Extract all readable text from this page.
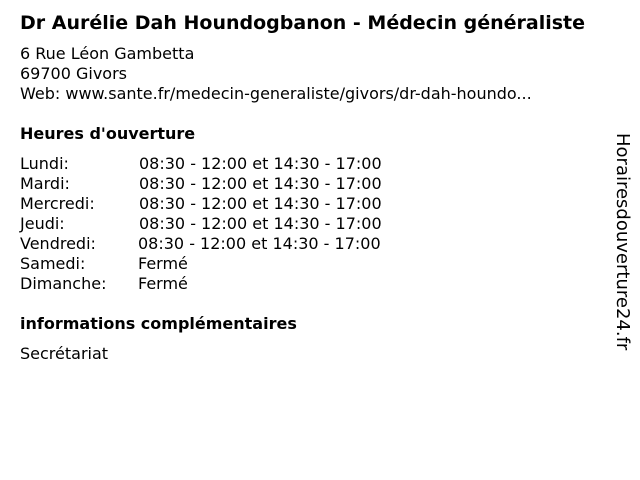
Dr Aurélie Dah Houndogbanon - Médecin généraliste
6 Rue Léon Gambetta
69700 Givors
Web: www.sante.fr/medecin-generaliste/givors/dr-dah-houndo...
Heures d'ouverture
Lundi:	08:30 - 12:00 et 14:30 - 17:00
Mardi:	08:30 - 12:00 et 14:30 - 17:00
Mercredi:	08:30 - 12:00 et 14:30 - 17:00
Jeudi:	08:30 - 12:00 et 14:30 - 17:00
Vendredi:	08:30 - 12:00 et 14:30 - 17:00
Samedi:	Fermé
Dimanche: Fermé
informations complémentaires
Secrétariat
Horairesdouverture24.fr
